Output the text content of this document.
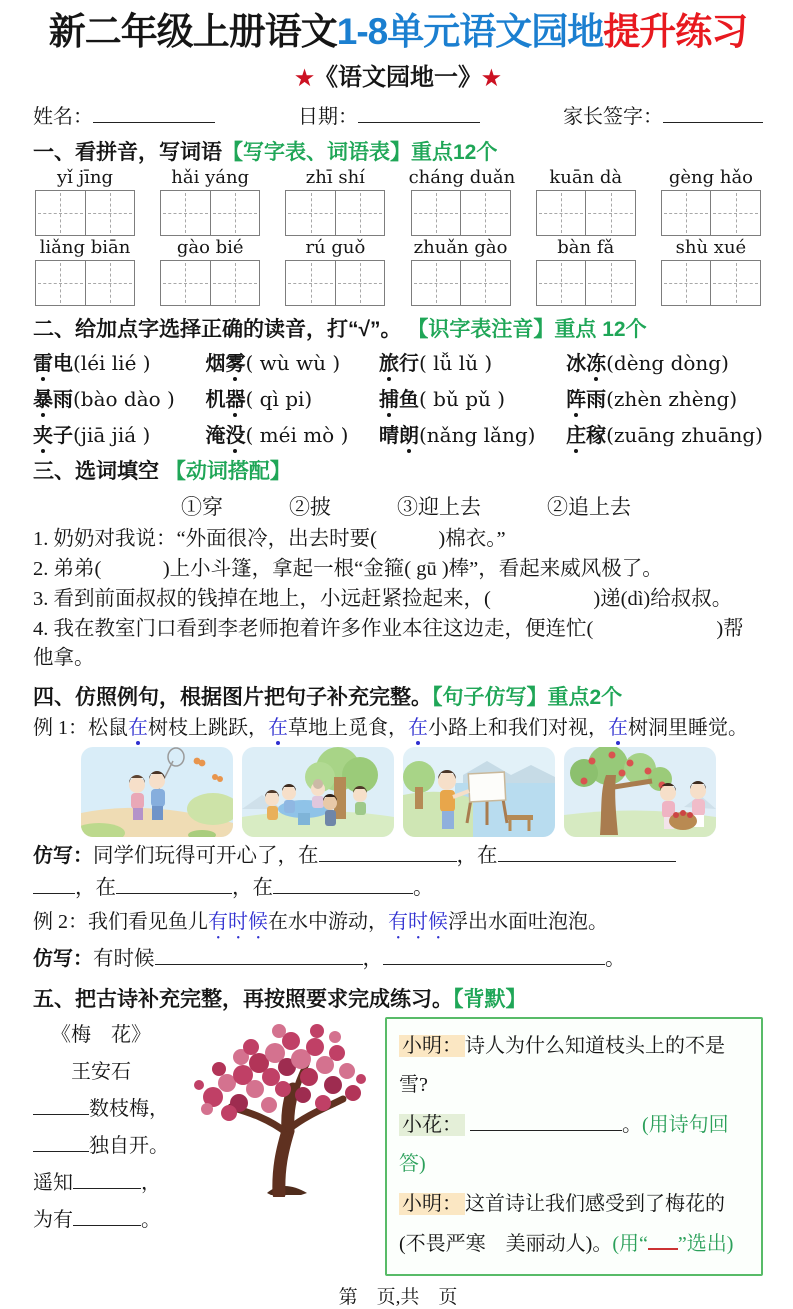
新二年级上册语文1-8单元语文园地提升练习
★《语文园地一》★
姓名：	日期：	家长签字：
一、看拼音，写词语【写字表、词语表】重点12个
yǐ jīng	hǎi yáng	zhī shí	cháng duǎn	kuān dà	gèng hǎo
liǎng biān	gào bié	rú guǒ	zhuǎn gào	bàn fǎ	shù xué
二、给加点字选择正确的读音，打“√”。 【识字表注音】重点 12个
雷电(léi lié )	烟雾( wù wù )	旅行( lǚ lǔ )	冰冻(dèng dòng)
暴雨(bào dào ) 机器( qì pi)	捕鱼( bǔ pǔ )	阵雨(zhèn zhèng)
夹子(jiā jiá )	淹没( méi mò ) 晴朗(nǎng lǎng) 庄稼(zuāng zhuāng)
三、选词填空 【动词搭配】
①穿	②披	③迎上去	②追上去
1. 奶奶对我说：“外面很冷，出去时要(　　　)棉衣。”
2. 弟弟(　　　)上小斗篷，拿起一根“金箍( gū )棒”，看起来威风极了。
3. 看到前面叔叔的钱掉在地上，小远赶紧捡起来，(　　　　　)递(dì)给叔叔。
4. 我在教室门口看到李老师抱着许多作业本往这边走，便连忙(　　　　　　)帮他拿。
四、仿照例句，根据图片把句子补充完整。【句子仿写】重点2个
例 1：松鼠在树枝上跳跃，在草地上觅食，在小路上和我们对视，在树洞里睡觉。
仿写：同学们玩得可开心了，在	，在
，在	，在	。
例 2：我们看见鱼儿有时候在水中游动，有时候浮出水面吐泡泡。
仿写：有时候	，	。
五、把古诗补充完整，再按照要求完成练习。【背默】
《梅　花》
王安石
数枝梅，
独自开。
遥知	，
为有	。
小明： 诗人为什么知道枝头上的不是雪?
小花：	。(用诗句回答)
小明： 这首诗让我们感受到了梅花的
(不畏严寒　美丽动人)。(用“ ”选出)
第　页,共　页
